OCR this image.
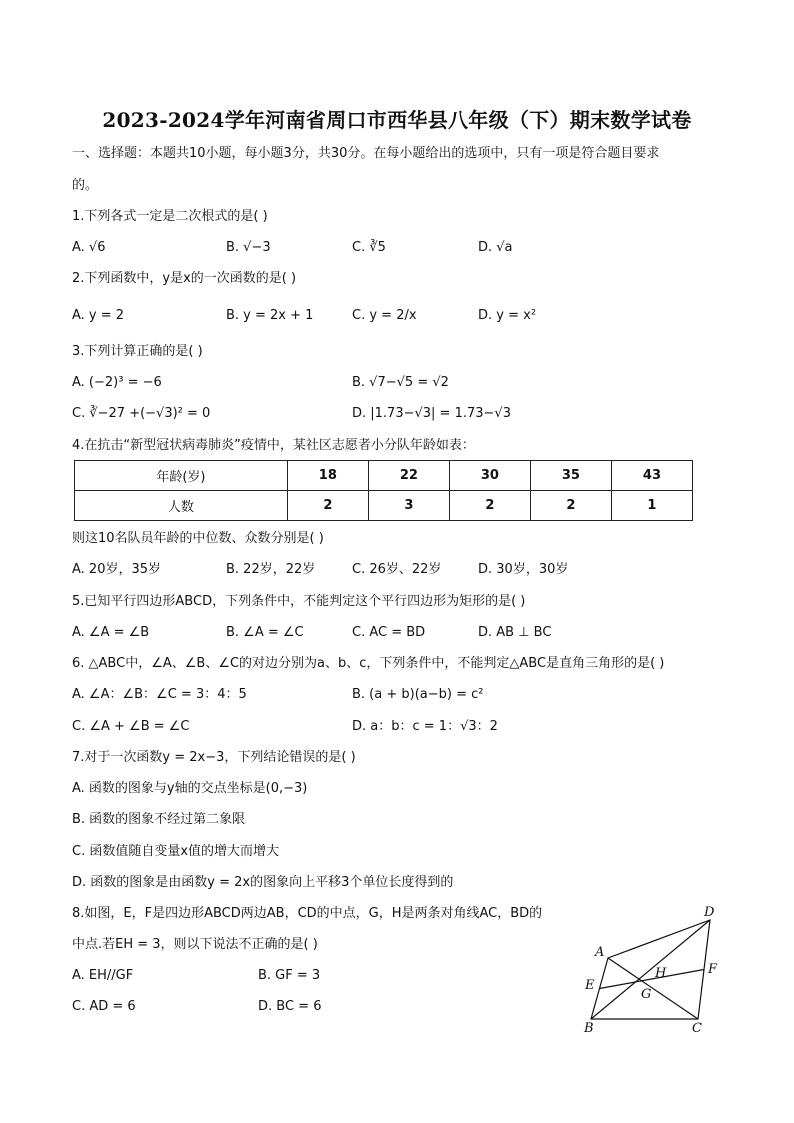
2023-2024学年河南省周口市西华县八年级（下）期末数学试卷
一、选择题：本题共10小题，每小题3分，共30分。在每小题给出的选项中，只有一项是符合题目要求
的。
1.下列各式一定是二次根式的是( )
A. √6	B. √−3	C. ∛5	D. √a
2.下列函数中，y是x的一次函数的是( )
A. y = 2	B. y = 2x + 1	C. y = 2/x	D. y = x²
3.下列计算正确的是( )
A. (−2)³ = −6	B. √7−√5 = √2
C. ∛−27 +(−√3)² = 0	D. |1.73−√3| = 1.73−√3
4.在抗击“新型冠状病毒肺炎”疫情中，某社区志愿者小分队年龄如表：
年龄(岁)	18	22	30	35	43
人数	2	3	2	2	1
则这10名队员年龄的中位数、众数分别是( )
A. 20岁，35岁	B. 22岁，22岁	C. 26岁、22岁	D. 30岁，30岁
5.已知平行四边形ABCD，下列条件中，不能判定这个平行四边形为矩形的是( )
A. ∠A = ∠B	B. ∠A = ∠C	C. AC = BD	D. AB ⊥ BC
6. △ABC中，∠A、∠B、∠C的对边分别为a、b、c，下列条件中，不能判定△ABC是直角三角形的是( )
A. ∠A：∠B：∠C = 3：4：5	B. (a + b)(a−b) = c²
C. ∠A + ∠B = ∠C	D. a：b：c = 1：√3：2
7.对于一次函数y = 2x−3，下列结论错误的是( )
A. 函数的图象与y轴的交点坐标是(0,−3)
B. 函数的图象不经过第二象限
C. 函数值随自变量x值的增大而增大
D. 函数的图象是由函数y = 2x的图象向上平移3个单位长度得到的
8.如图，E，F是四边形ABCD两边AB，CD的中点，G，H是两条对角线AC，BD的
中点.若EH = 3，则以下说法不正确的是( )
A. EH//GF	B. GF = 3
C. AD = 6	D. BC = 6
A
D
B	C
E
F
G
H
